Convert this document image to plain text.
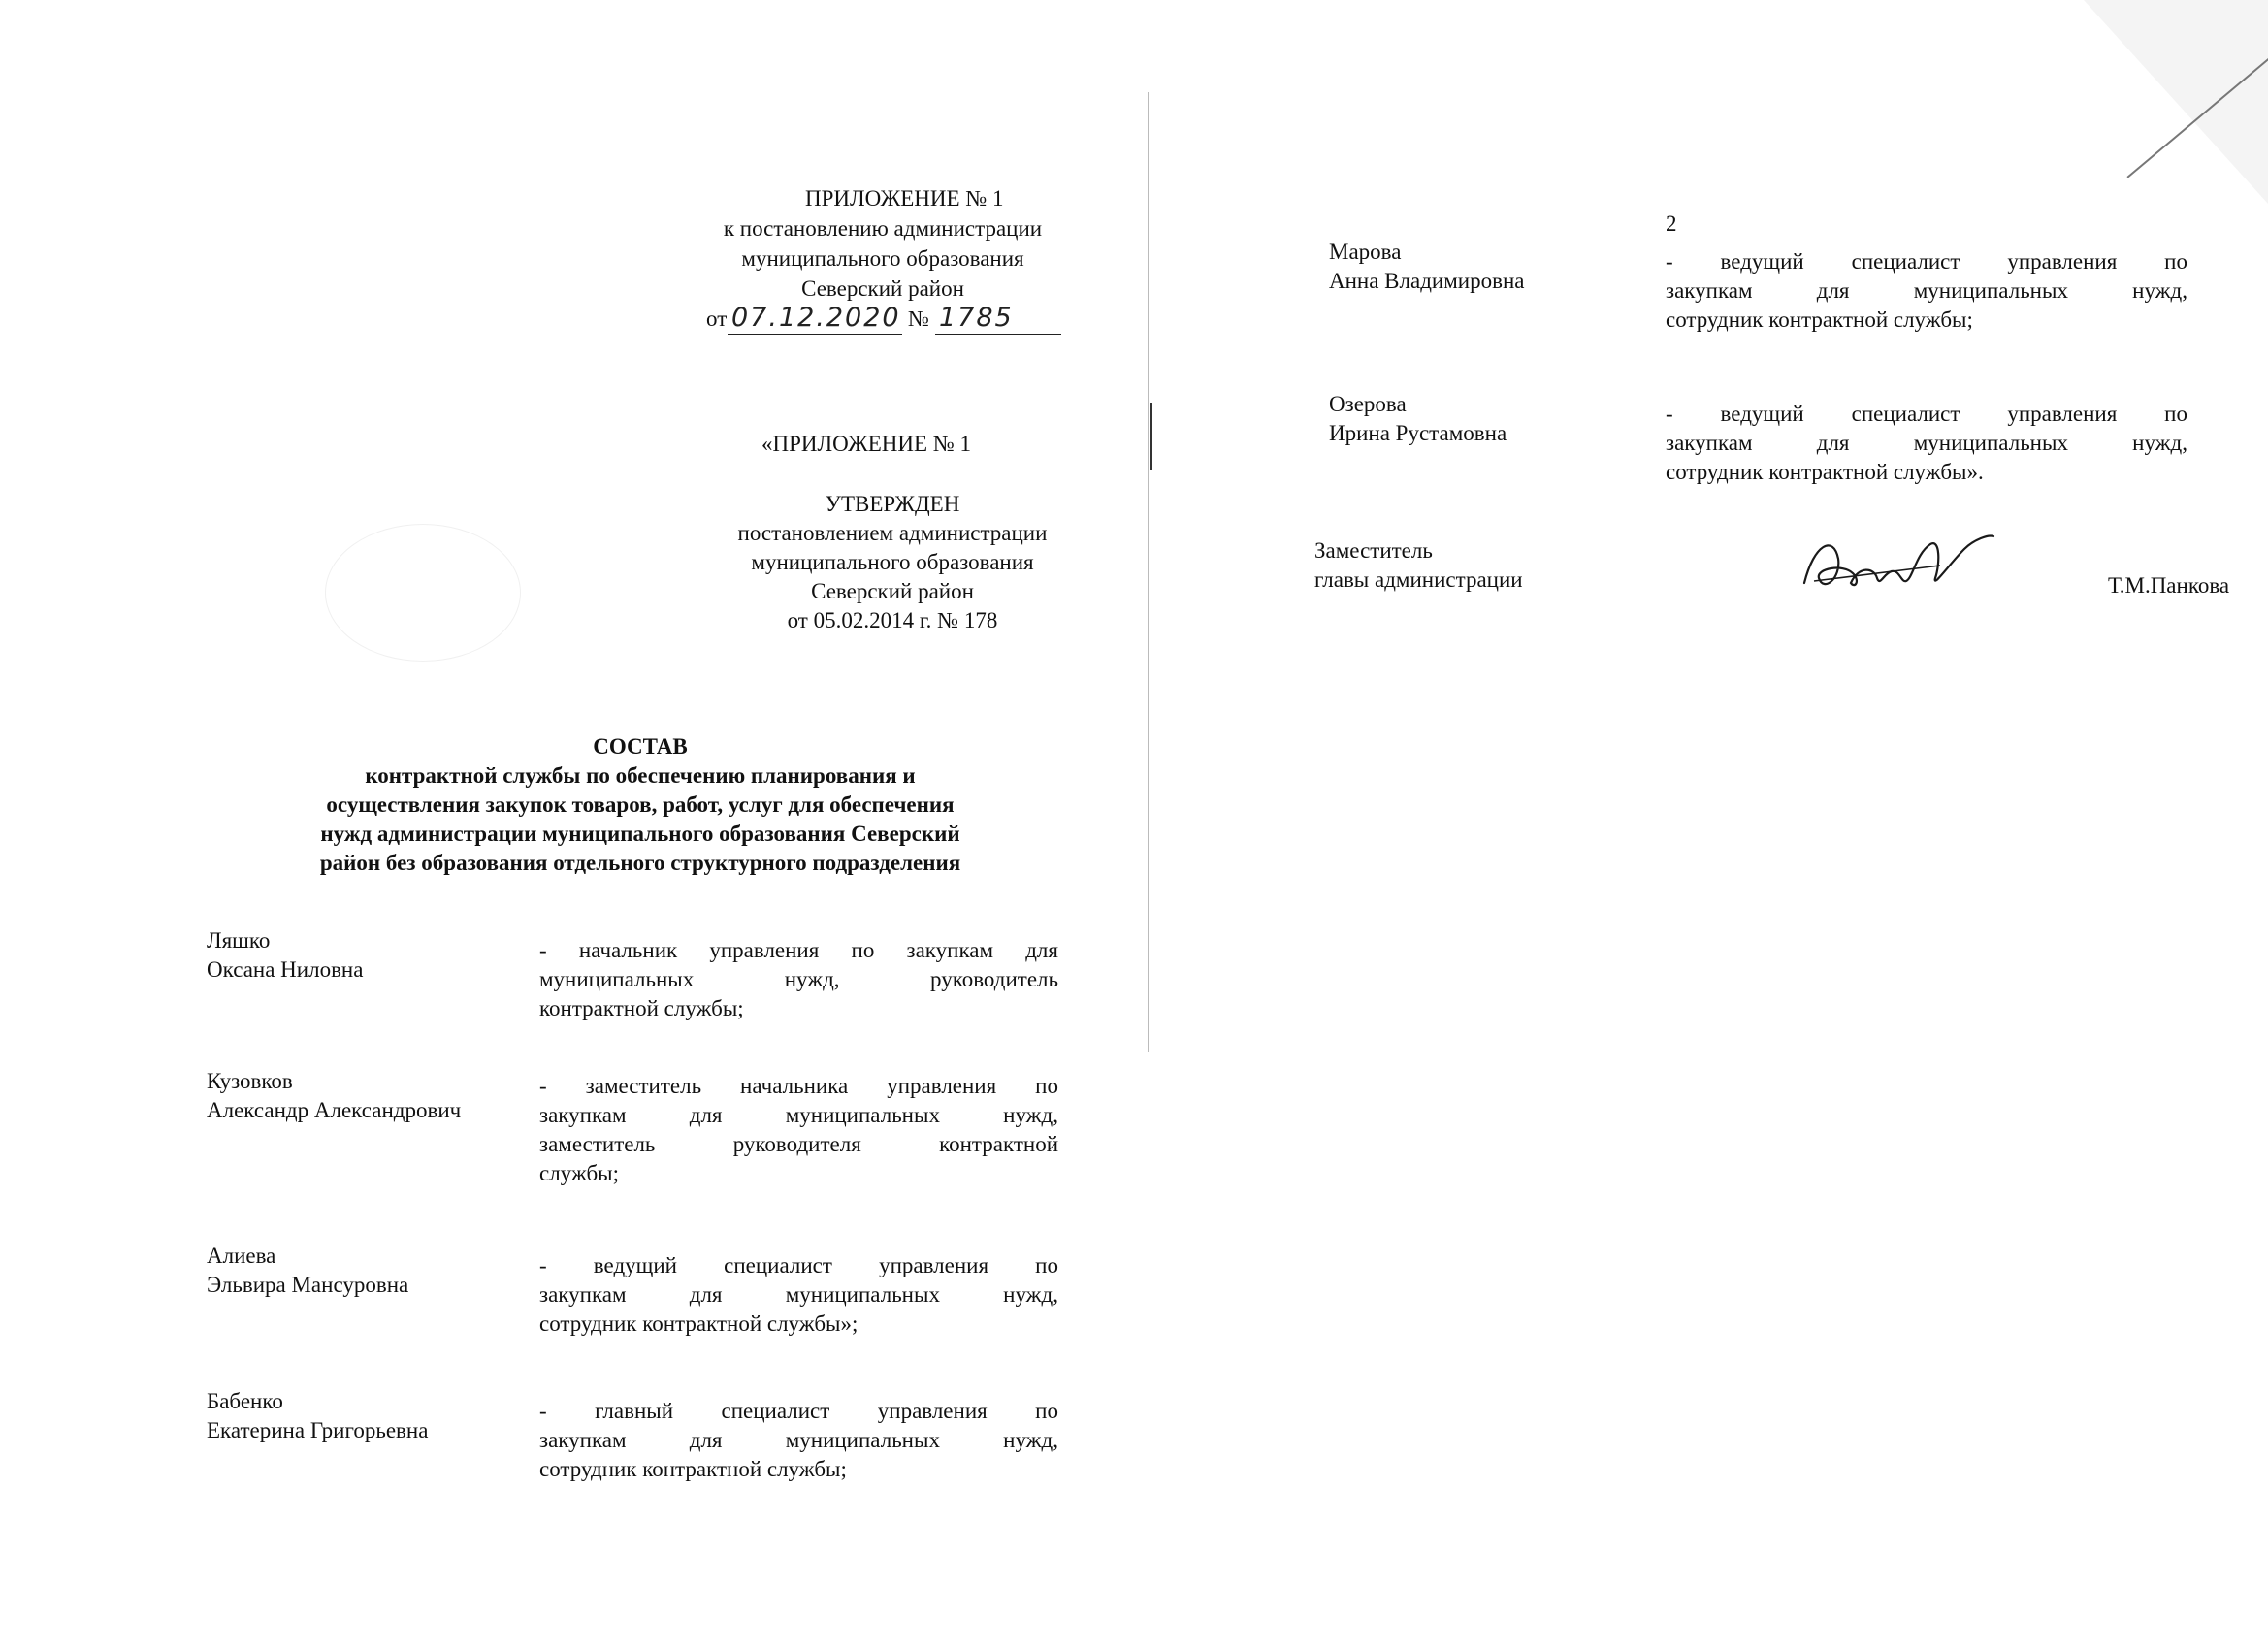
ПРИЛОЖЕНИЕ № 1
к постановлению администрации
муниципального образования
Северский район
от 07.12.2020 № 1785
«ПРИЛОЖЕНИЕ № 1
УТВЕРЖДЕН
постановлением администрации
муниципального образования
Северский район
от 05.02.2014 г. № 178
СОСТАВ
контрактной службы по обеспечению планирования и
осуществления закупок товаров, работ, услуг для обеспечения
нужд администрации муниципального образования Северский
район без образования отдельного структурного подразделения
Ляшко
Оксана Ниловна
- начальник управления по закупкам для
муниципальных нужд, руководитель
контрактной службы;
Кузовков
Александр Александрович
- заместитель начальника управления по
закупкам для муниципальных нужд,
заместитель руководителя контрактной
службы;
Алиева
Эльвира Мансуровна
- ведущий специалист управления по
закупкам для муниципальных нужд,
сотрудник контрактной службы»;
Бабенко
Екатерина Григорьевна
- главный специалист управления по
закупкам для муниципальных нужд,
сотрудник контрактной службы;
2
Марова
Анна Владимировна
- ведущий специалист управления по
закупкам для муниципальных нужд,
сотрудник контрактной службы;
Озерова
Ирина Рустамовна
- ведущий специалист управления по
закупкам для муниципальных нужд,
сотрудник контрактной службы».
Заместитель
главы администрации	Т.М.Панкова
